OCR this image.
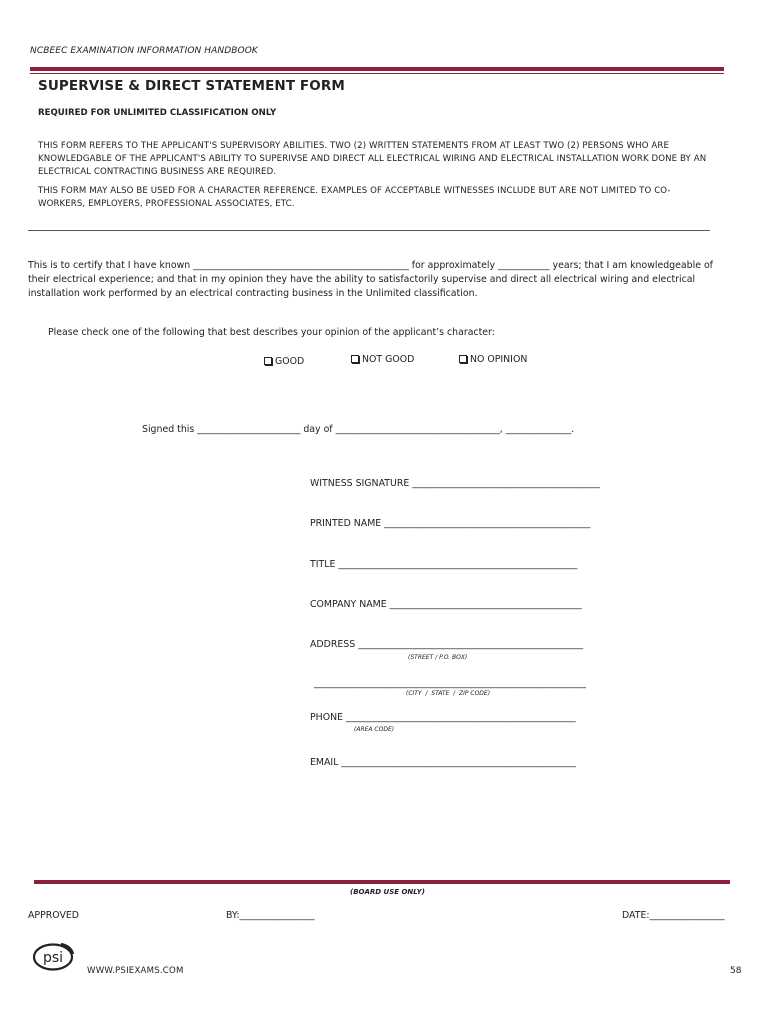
NCBEEC EXAMINATION INFORMATION HANDBOOK
SUPERVISE & DIRECT STATEMENT FORM
REQUIRED FOR UNLIMITED CLASSIFICATION ONLY
THIS FORM REFERS TO THE APPLICANT'S SUPERVISORY ABILITIES. TWO (2) WRITTEN STATEMENTS FROM AT LEAST TWO (2) PERSONS WHO ARE KNOWLEDGABLE OF THE APPLICANT'S ABILITY TO SUPERIVSE AND DIRECT ALL ELECTRICAL WIRING AND ELECTRICAL INSTALLATION WORK DONE BY AN ELECTRICAL CONTRACTING BUSINESS ARE REQUIRED.
THIS FORM MAY ALSO BE USED FOR A CHARACTER REFERENCE. EXAMPLES OF ACCEPTABLE WITNESSES INCLUDE BUT ARE NOT LIMITED TO CO- WORKERS, EMPLOYERS, PROFESSIONAL ASSOCIATES, ETC.
This is to certify that I have known ______________________________________________ for approximately ___________ years; that I am knowledgeable of their electrical experience; and that in my opinion they have the ability to satisfactorily supervise and direct all electrical wiring and electrical installation work performed by an electrical contracting business in the Unlimited classification.
Please check one of the following that best describes your opinion of the applicant’s character:
GOOD	NOT GOOD	NO OPINION
Signed this ______________________ day of ___________________________________, ______________.
WITNESS SIGNATURE ________________________________________
PRINTED NAME ____________________________________________
TITLE ___________________________________________________
COMPANY NAME _________________________________________
ADDRESS ________________________________________________
(STREET / P.O. BOX)
__________________________________________________________
(CITY  /  STATE  /  ZIP CODE)
PHONE _________________________________________________
(AREA CODE)
EMAIL __________________________________________________
(BOARD USE ONLY)
APPROVED	BY:________________	DATE:________________
psi
WWW.PSIEXAMS.COM	58
